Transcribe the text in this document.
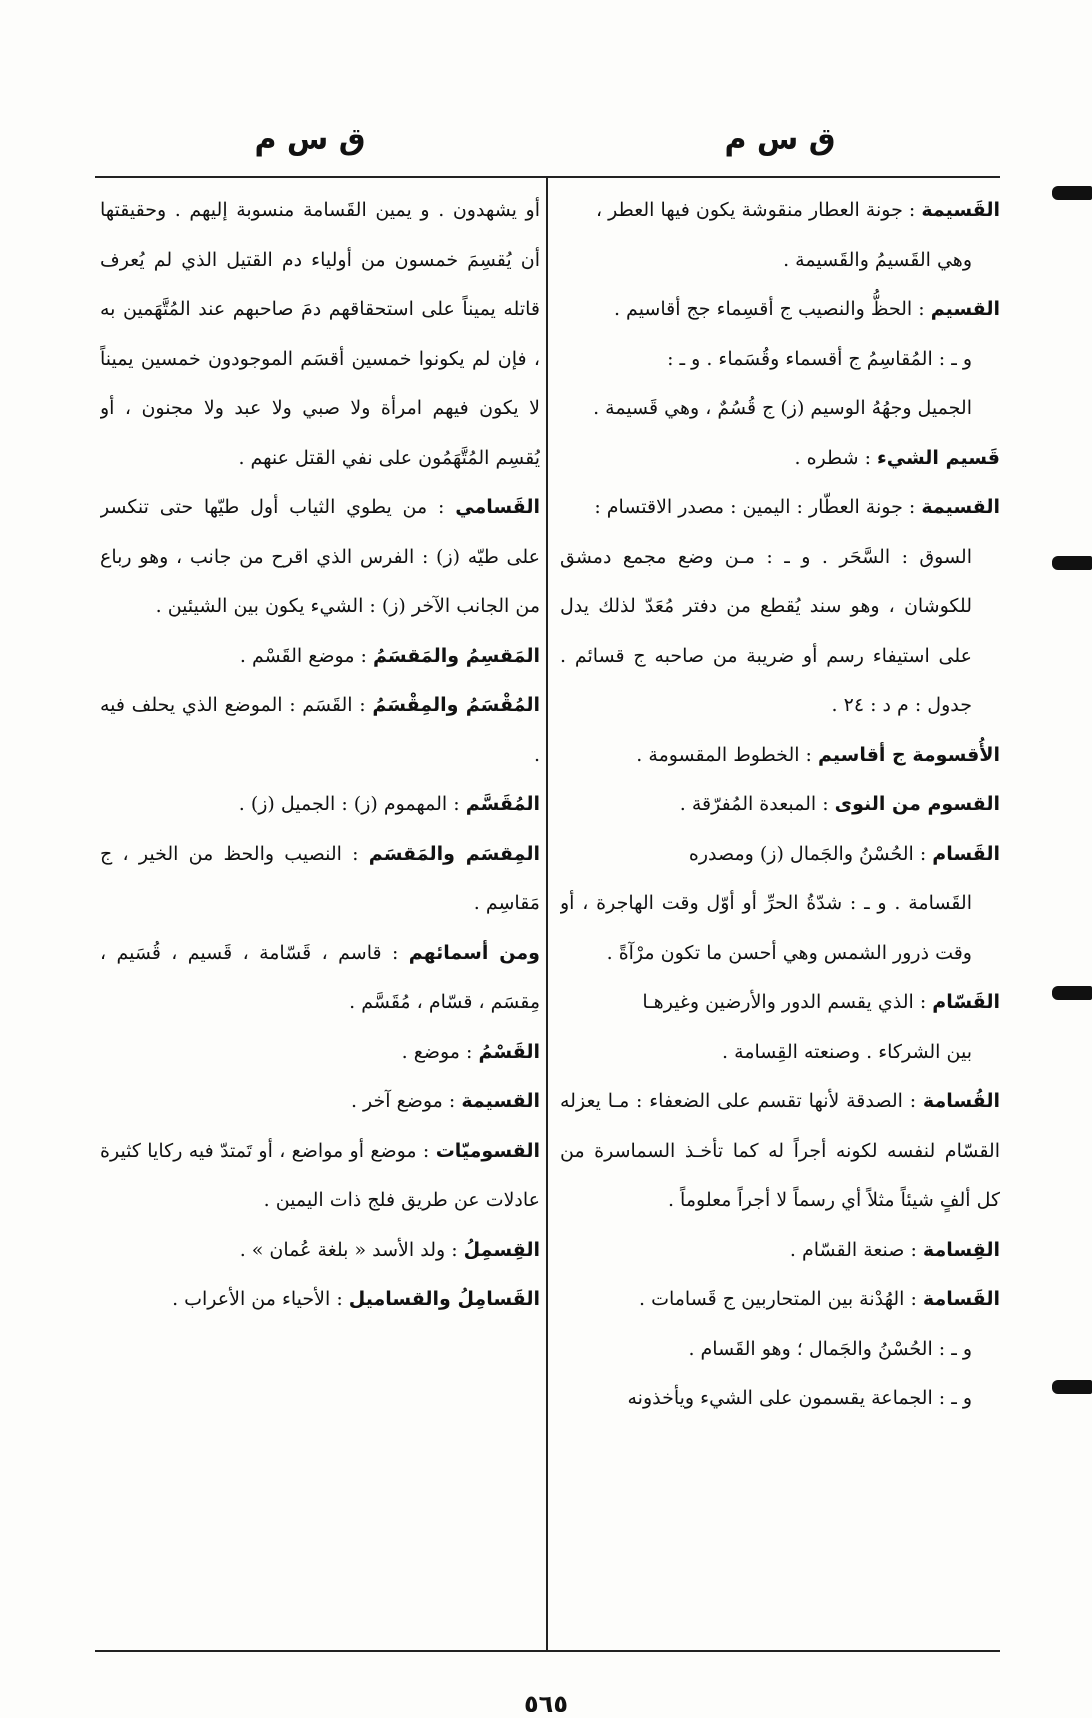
ق س م
ق س م

القَسيمة : جونة العطار منقوشة يكون فيها العطر ،

وهي القَسيمُ والقَسيمة .

القسيم : الحظُّ والنصيب ج أقسِماء جج أقاسيم .

و ـ : المُقاسِمُ ج أقسماء وقُسَماء . و ـ :

الجميل وجهُهُ الوسيم (ز) ج قُسُمٌ ، وهي قَسيمة .

قَسيم الشيء : شطره .

القسيمة : جونة العطّار : اليمين : مصدر الاقتسام :

السوق : السَّحَر . و ـ : مـن وضع مجمع دمشق للكوشان ، وهو سند يُقطع من دفتر مُعَدّ لذلك يدل على استيفاء رسم أو ضريبة من صاحبه ج قسائم . جدول : م د : ٢٤ .

الأُقسومة ج أقاسيم : الخطوط المقسومة .

القسوم من النوى : المبعدة المُفرّقة .

القَسام : الحُسْنُ والجَمال (ز) ومصدره

القَسامة . و ـ : شدّةُ الحرِّ أو أوّل وقت الهاجرة ، أو وقت ذرور الشمس وهي أحسن ما تكون مرْآةً .

القَسّام : الذي يقسم الدور والأرضين وغيرهـا

بين الشركاء . وصنعته القِسامة .

القُسامة : الصدقة لأنها تقسم على الضعفاء : مـا يعزله القسّام لنفسه لكونه أجراً له كما تأخـذ السماسرة من كل ألفٍ شيئاً مثلاً أي رسماً لا أجراً معلوماً .

القِسامة : صنعة القسّام .

القَسامة : الهُدْنة بين المتحاربين ج قَسامات .

و ـ : الحُسْنُ والجَمال ؛ وهو القَسام .

و ـ : الجماعة يقسمون على الشيء ويأخذونه

أو يشهدون . و يمين القَسامة منسوبة إليهم . وحقيقتها أن يُقسِمَ خمسون من أولياء دم القتيل الذي لم يُعرف قاتله يميناً على استحقاقهم دمَ صاحبهم عند المُتَّهَمين به ، فإن لم يكونوا خمسين أقسَم الموجودون خمسين يميناً لا يكون فيهم امرأة ولا صبي ولا عبد ولا مجنون ، أو يُقسِم المُتَّهَمُون على نفي القتل عنهم .

القَسامي : من يطوي الثياب أول طيّها حتى تنكسر على طيّه (ز) : الفرس الذي اقرح من جانب ، وهو رباع من الجانب الآخر (ز) : الشيء يكون بين الشيئين .

المَقسِمُ والمَقسَمُ : موضع القَسْم .

المُقْسَمُ والمِقْسَمُ : القَسَم : الموضع الذي يحلف فيه .

المُقَسَّم : المهموم (ز) : الجميل (ز) .

المِقسَم والمَقسَم : النصيب والحظ من الخير ، ج مَقاسِم .

ومن أسمائهم : قاسم ، قَسّامة ، قَسيم ، قُسَيم ، مِقسَم ، قسّام ، مُقَسَّم .

القَسْمُ : موضع .

القسيمة : موضع آخر .

القسوميّات : موضع أو مواضع ، أو تَمتدّ فيه ركايا كثيرة عادلات عن طريق فلج ذات اليمين .

القِسمِلُ : ولد الأسد « بلغة عُمان » .

القَسامِلُ والقساميل : الأحياء من الأعراب .

٥٦٥
